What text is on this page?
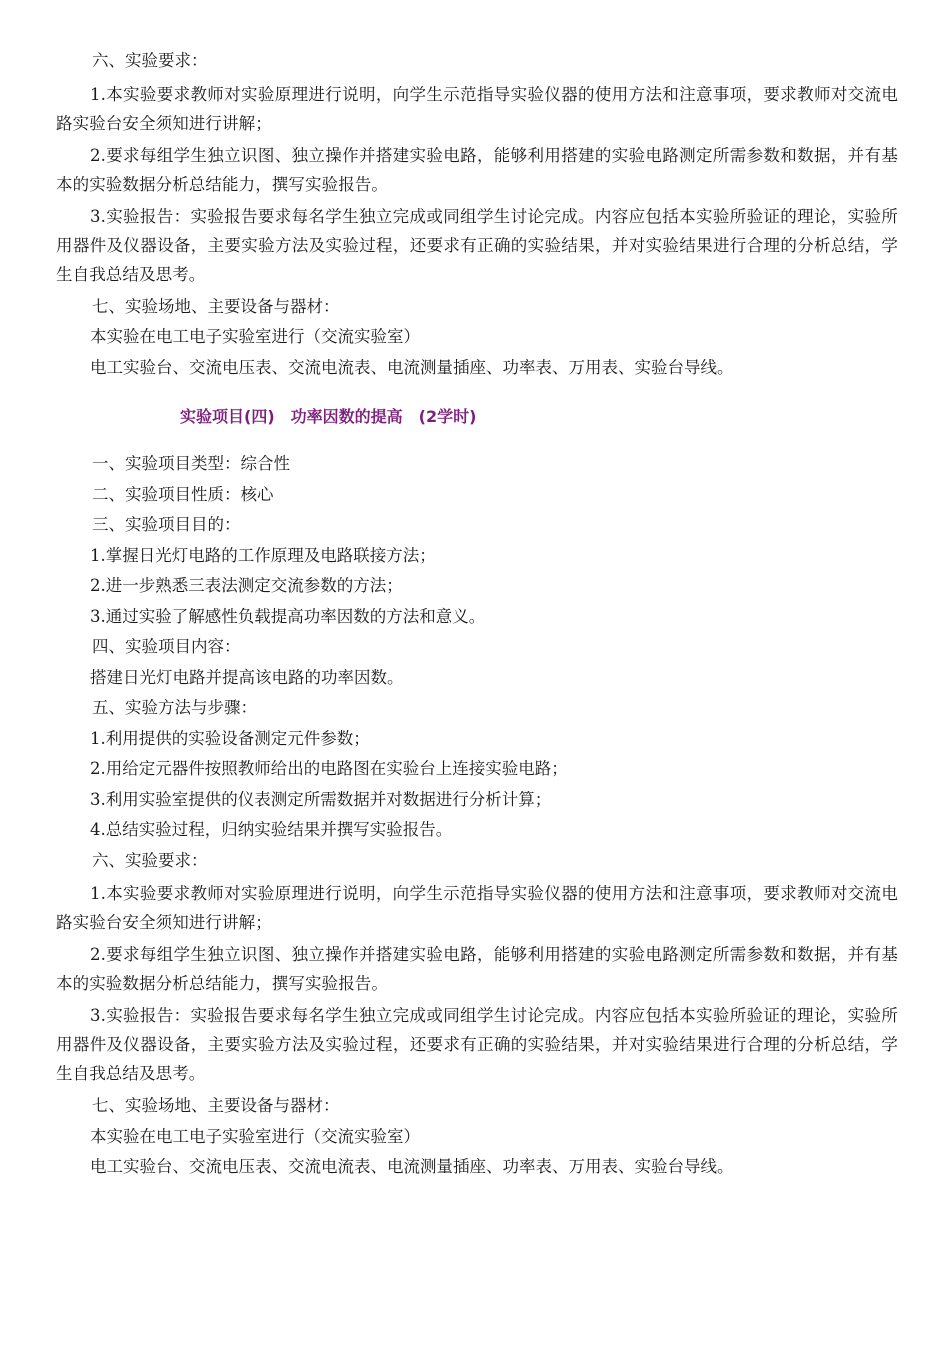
六、实验要求：

1.本实验要求教师对实验原理进行说明，向学生示范指导实验仪器的使用方法和注意事项，要求教师对交流电路实验台安全须知进行讲解；

2.要求每组学生独立识图、独立操作并搭建实验电路，能够利用搭建的实验电路测定所需参数和数据，并有基本的实验数据分析总结能力，撰写实验报告。

3.实验报告：实验报告要求每名学生独立完成或同组学生讨论完成。内容应包括本实验所验证的理论，实验所用器件及仪器设备，主要实验方法及实验过程，还要求有正确的实验结果，并对实验结果进行合理的分析总结，学生自我总结及思考。

七、实验场地、主要设备与器材：

本实验在电工电子实验室进行（交流实验室）

电工实验台、交流电压表、交流电流表、电流测量插座、功率表、万用表、实验台导线。

实验项目(四)　功率因数的提高　(2学时)

一、实验项目类型：综合性

二、实验项目性质：核心

三、实验项目目的：

1.掌握日光灯电路的工作原理及电路联接方法；

2.进一步熟悉三表法测定交流参数的方法；

3.通过实验了解感性负载提高功率因数的方法和意义。

四、实验项目内容：

搭建日光灯电路并提高该电路的功率因数。

五、实验方法与步骤：

1.利用提供的实验设备测定元件参数；

2.用给定元器件按照教师给出的电路图在实验台上连接实验电路；

3.利用实验室提供的仪表测定所需数据并对数据进行分析计算；

4.总结实验过程，归纳实验结果并撰写实验报告。

六、实验要求：

1.本实验要求教师对实验原理进行说明，向学生示范指导实验仪器的使用方法和注意事项，要求教师对交流电路实验台安全须知进行讲解；

2.要求每组学生独立识图、独立操作并搭建实验电路，能够利用搭建的实验电路测定所需参数和数据，并有基本的实验数据分析总结能力，撰写实验报告。

3.实验报告：实验报告要求每名学生独立完成或同组学生讨论完成。内容应包括本实验所验证的理论，实验所用器件及仪器设备，主要实验方法及实验过程，还要求有正确的实验结果，并对实验结果进行合理的分析总结，学生自我总结及思考。

七、实验场地、主要设备与器材：

本实验在电工电子实验室进行（交流实验室）

电工实验台、交流电压表、交流电流表、电流测量插座、功率表、万用表、实验台导线。
